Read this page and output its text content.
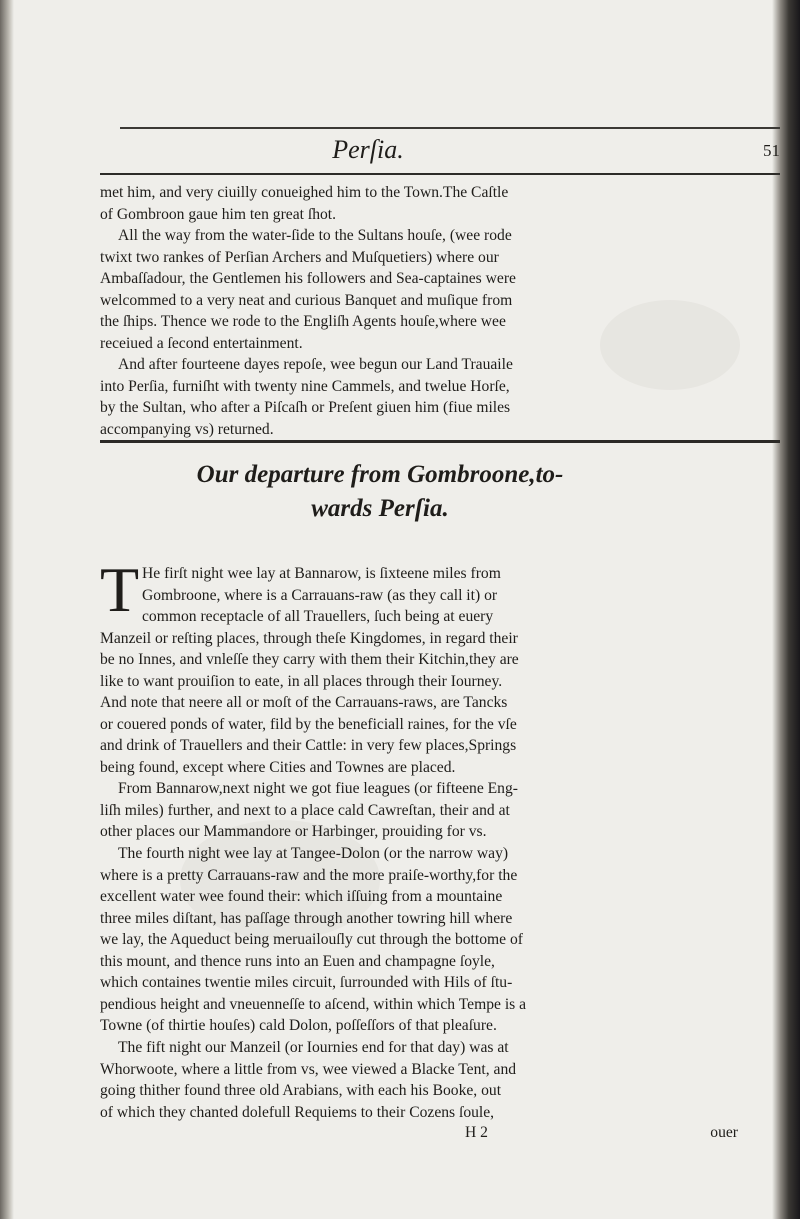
Perſia.	51
met him, and very ciuilly conueighed him to the Town.The Caſtle
of Gombroon gaue him ten great ſhot.
All the way from the water-ſide to the Sultans houſe, (wee rode
twixt two rankes of Perſian Archers and Muſquetiers) where our
Ambaſſadour, the Gentlemen his followers and Sea-captaines were
welcommed to a very neat and curious Banquet and muſique from
the ſhips. Thence we rode to the Engliſh Agents houſe,where wee
receiued a ſecond entertainment.
And after fourteene dayes repoſe, wee begun our Land Trauaile
into Perſia, furniſht with twenty nine Cammels, and twelue Horſe,
by the Sultan, who after a Piſcaſh or Preſent giuen him (fiue miles
accompanying vs) returned.
Our departure from Gombroone,to-
wards Perſia.
T He firſt night wee lay at Bannarow, is ſixteene miles from
Gombroone, where is a Carrauans-raw (as they call it) or
common receptacle of all Trauellers, ſuch being at euery
Manzeil or reſting places, through theſe Kingdomes, in regard their
be no Innes, and vnleſſe they carry with them their Kitchin,they are
like to want prouiſion to eate, in all places through their Iourney.
And note that neere all or moſt of the Carrauans-raws, are Tancks
or couered ponds of water, fild by the beneficiall raines, for the vſe
and drink of Trauellers and their Cattle: in very few places,Springs
being found, except where Cities and Townes are placed.
From Bannarow,next night we got fiue leagues (or fifteene Eng-
liſh miles) further, and next to a place cald Cawreſtan, their and at
other places our Mammandore or Harbinger, prouiding for vs.
The fourth night wee lay at Tangee-Dolon (or the narrow way)
where is a pretty Carrauans-raw and the more praiſe-worthy,for the
excellent water wee found their: which iſſuing from a mountaine
three miles diſtant, has paſſage through another towring hill where
we lay, the Aqueduct being meruailouſly cut through the bottome of
this mount, and thence runs into an Euen and champagne ſoyle,
which containes twentie miles circuit, ſurrounded with Hils of ſtu-
pendious height and vneuenneſſe to aſcend, within which Tempe is a
Towne (of thirtie houſes) cald Dolon, poſſeſſors of that pleaſure.
The fift night our Manzeil (or Iournies end for that day) was at
Whorwoote, where a little from vs, wee viewed a Blacke Tent, and
going thither found three old Arabians, with each his Booke, out
of which they chanted dolefull Requiems to their Cozens ſoule,
H 2	ouer
